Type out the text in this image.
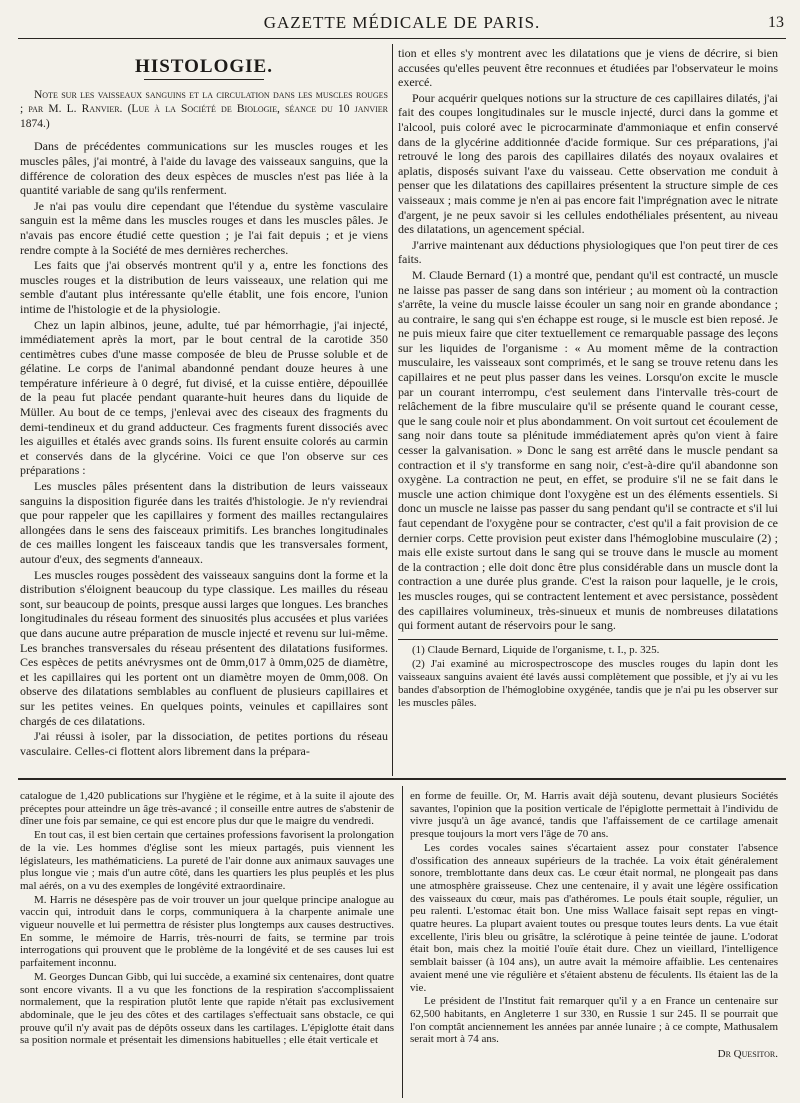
GAZETTE MÉDICALE DE PARIS.	13
HISTOLOGIE.

Note sur les vaisseaux sanguins et la circulation dans les muscles rouges ; par M. L. Ranvier. (Lue à la Société de Biologie, séance du 10 janvier 1874.)

Dans de précédentes communications sur les muscles rouges et les muscles pâles, j'ai montré, à l'aide du lavage des vaisseaux sanguins, que la différence de coloration des deux espèces de muscles n'est pas liée à la quantité variable de sang qu'ils renferment.

Je n'ai pas voulu dire cependant que l'étendue du système vasculaire sanguin est la même dans les muscles rouges et dans les muscles pâles. Je n'avais pas encore étudié cette question ; je l'ai fait depuis ; et je viens rendre compte à la Société de mes dernières recherches.

Les faits que j'ai observés montrent qu'il y a, entre les fonctions des muscles rouges et la distribution de leurs vaisseaux, une relation qui me semble d'autant plus intéressante qu'elle établit, une fois encore, l'union intime de l'histologie et de la physiologie.

Chez un lapin albinos, jeune, adulte, tué par hémorrhagie, j'ai injecté, immédiatement après la mort, par le bout central de la carotide 350 centimètres cubes d'une masse composée de bleu de Prusse soluble et de gélatine. Le corps de l'animal abandonné pendant douze heures à une température inférieure à 0 degré, fut divisé, et la cuisse entière, dépouillée de la peau fut placée pendant quarante-huit heures dans du liquide de Müller. Au bout de ce temps, j'enlevai avec des ciseaux des fragments du demi-tendineux et du grand adducteur. Ces fragments furent dissociés avec les aiguilles et étalés avec grands soins. Ils furent ensuite colorés au carmin et conservés dans de la glycérine. Voici ce que l'on observe sur ces préparations :

Les muscles pâles présentent dans la distribution de leurs vaisseaux sanguins la disposition figurée dans les traités d'histologie. Je n'y reviendrai que pour rappeler que les capillaires y forment des mailles rectangulaires allongées dans le sens des faisceaux primitifs. Les branches longitudinales de ces mailles longent les faisceaux tandis que les transversales forment, autour d'eux, des segments d'anneaux.

Les muscles rouges possèdent des vaisseaux sanguins dont la forme et la distribution s'éloignent beaucoup du type classique. Les mailles du réseau sont, sur beaucoup de points, presque aussi larges que longues. Les branches longitudinales du réseau forment des sinuosités plus accusées et plus variées que dans aucune autre préparation de muscle injecté et revenu sur lui-même. Les branches transversales du réseau présentent des dilatations fusiformes. Ces espèces de petits anévrysmes ont de 0mm,017 à 0mm,025 de diamètre, et les capillaires qui les portent ont un diamètre moyen de 0mm,008. On observe des dilatations semblables au confluent de plusieurs capillaires et sur les petites veines. En quelques points, veinules et capillaires sont chargés de ces dilatations.

J'ai réussi à isoler, par la dissociation, de petites portions du réseau vasculaire. Celles-ci flottent alors librement dans la prépara-

tion et elles s'y montrent avec les dilatations que je viens de décrire, si bien accusées qu'elles peuvent être reconnues et étudiées par l'observateur le moins exercé.

Pour acquérir quelques notions sur la structure de ces capillaires dilatés, j'ai fait des coupes longitudinales sur le muscle injecté, durci dans la gomme et l'alcool, puis coloré avec le picrocarminate d'ammoniaque et enfin conservé dans de la glycérine additionnée d'acide formique. Sur ces préparations, j'ai retrouvé le long des parois des capillaires dilatés des noyaux ovalaires et aplatis, disposés suivant l'axe du vaisseau. Cette observation me conduit à penser que les dilatations des capillaires présentent la structure simple de ces vaisseaux ; mais comme je n'en ai pas encore fait l'imprégnation avec le nitrate d'argent, je ne peux savoir si les cellules endothéliales présentent, au niveau des dilatations, un agencement spécial.

J'arrive maintenant aux déductions physiologiques que l'on peut tirer de ces faits.

M. Claude Bernard (1) a montré que, pendant qu'il est contracté, un muscle ne laisse pas passer de sang dans son intérieur ; au moment où la contraction s'arrête, la veine du muscle laisse écouler un sang noir en grande abondance ; au contraire, le sang qui s'en échappe est rouge, si le muscle est bien reposé. Je ne puis mieux faire que citer textuellement ce remarquable passage des leçons sur les liquides de l'organisme : « Au moment même de la contraction musculaire, les vaisseaux sont comprimés, et le sang se trouve retenu dans les capillaires et ne peut plus passer dans les veines. Lorsqu'on excite le muscle par un courant interrompu, c'est seulement dans l'intervalle très-court de relâchement de la fibre musculaire qu'il se présente quand le courant cesse, que le sang coule noir et plus abondamment. On voit surtout cet écoulement de sang noir dans toute sa plénitude immédiatement après qu'on vient à faire cesser la galvanisation. » Donc le sang est arrêté dans le muscle pendant sa contraction et il s'y transforme en sang noir, c'est-à-dire qu'il abandonne son oxygène. La contraction ne peut, en effet, se produire s'il ne se fait dans le muscle une action chimique dont l'oxygène est un des éléments essentiels. Si donc un muscle ne laisse pas passer du sang pendant qu'il se contracte et s'il lui faut cependant de l'oxygène pour se contracter, c'est qu'il a fait provision de ce dernier corps. Cette provision peut exister dans l'hémoglobine musculaire (2) ; mais elle existe surtout dans le sang qui se trouve dans le muscle au moment de la contraction ; elle doit donc être plus considérable dans un muscle dont la contraction a une durée plus grande. C'est la raison pour laquelle, je le crois, les muscles rouges, qui se contractent lentement et avec persistance, possèdent des capillaires volumineux, très-sinueux et munis de nombreuses dilatations qui forment autant de réservoirs pour le sang.

(1) Claude Bernard, Liquide de l'organisme, t. I., p. 325.

(2) J'ai examiné au microspectroscope des muscles rouges du lapin dont les vaisseaux sanguins avaient été lavés aussi complètement que possible, et j'y ai vu les bandes d'absorption de l'hémoglobine oxygénée, tandis que je n'ai pu les observer sur les muscles pâles.

catalogue de 1,420 publications sur l'hygiène et le régime, et à la suite il ajoute des préceptes pour atteindre un âge très-avancé ; il conseille entre autres de s'abstenir de dîner une fois par semaine, ce qui est encore plus dur que le maigre du vendredi.

En tout cas, il est bien certain que certaines professions favorisent la prolongation de la vie. Les hommes d'église sont les mieux partagés, puis viennent les législateurs, les mathématiciens. La pureté de l'air donne aux animaux sauvages une plus longue vie ; mais d'un autre côté, dans les quartiers les plus peuplés et les plus mal aérés, on a vu des exemples de longévité extraordinaire.

M. Harris ne désespère pas de voir trouver un jour quelque principe analogue au vaccin qui, introduit dans le corps, communiquera à la charpente animale une vigueur nouvelle et lui permettra de résister plus longtemps aux causes destructives. En somme, le mémoire de Harris, très-nourri de faits, se termine par trois interrogations qui prouvent que le problème de la longévité et de ses causes lui est parfaitement inconnu.

M. Georges Duncan Gibb, qui lui succède, a examiné six centenaires, dont quatre sont encore vivants. Il a vu que les fonctions de la respiration s'accomplissaient normalement, que la respiration plutôt lente que rapide n'était pas exclusivement abdominale, que le jeu des côtes et des cartilages s'effectuait sans obstacle, ce qui prouve qu'il n'y avait pas de dépôts osseux dans les cartilages. L'épiglotte était dans sa position normale et présentait les dimensions habituelles ; elle était verticale et

en forme de feuille. Or, M. Harris avait déjà soutenu, devant plusieurs Sociétés savantes, l'opinion que la position verticale de l'épiglotte permettait à l'individu de vivre jusqu'à un âge avancé, tandis que l'affaissement de ce cartilage amenait presque toujours la mort vers l'âge de 70 ans.

Les cordes vocales saines s'écartaient assez pour constater l'absence d'ossification des anneaux supérieurs de la trachée. La voix était généralement sonore, tremblottante dans deux cas. Le cœur était normal, ne plongeait pas dans une atmosphère graisseuse. Chez une centenaire, il y avait une légère ossification des vaisseaux du cœur, mais pas d'athéromes. Le pouls était souple, régulier, un peu ralenti. L'estomac était bon. Une miss Wallace faisait sept repas en vingt-quatre heures. La plupart avaient toutes ou presque toutes leurs dents. La vue était excellente, l'iris bleu ou grisâtre, la sclérotique à peine teintée de jaune. L'odorat était bon, mais chez la moitié l'ouïe était dure. Chez un vieillard, l'intelligence semblait baisser (à 104 ans), un autre avait la mémoire affaiblie. Les centenaires avaient mené une vie régulière et s'étaient abstenu de féculents. Ils étaient las de la vie.

Le président de l'Institut fait remarquer qu'il y a en France un centenaire sur 62,500 habitants, en Angleterre 1 sur 330, en Russie 1 sur 245. Il se pourrait que l'on comptât anciennement les années par année lunaire ; à ce compte, Mathusalem serait mort à 74 ans.

Dr Quesitor.
